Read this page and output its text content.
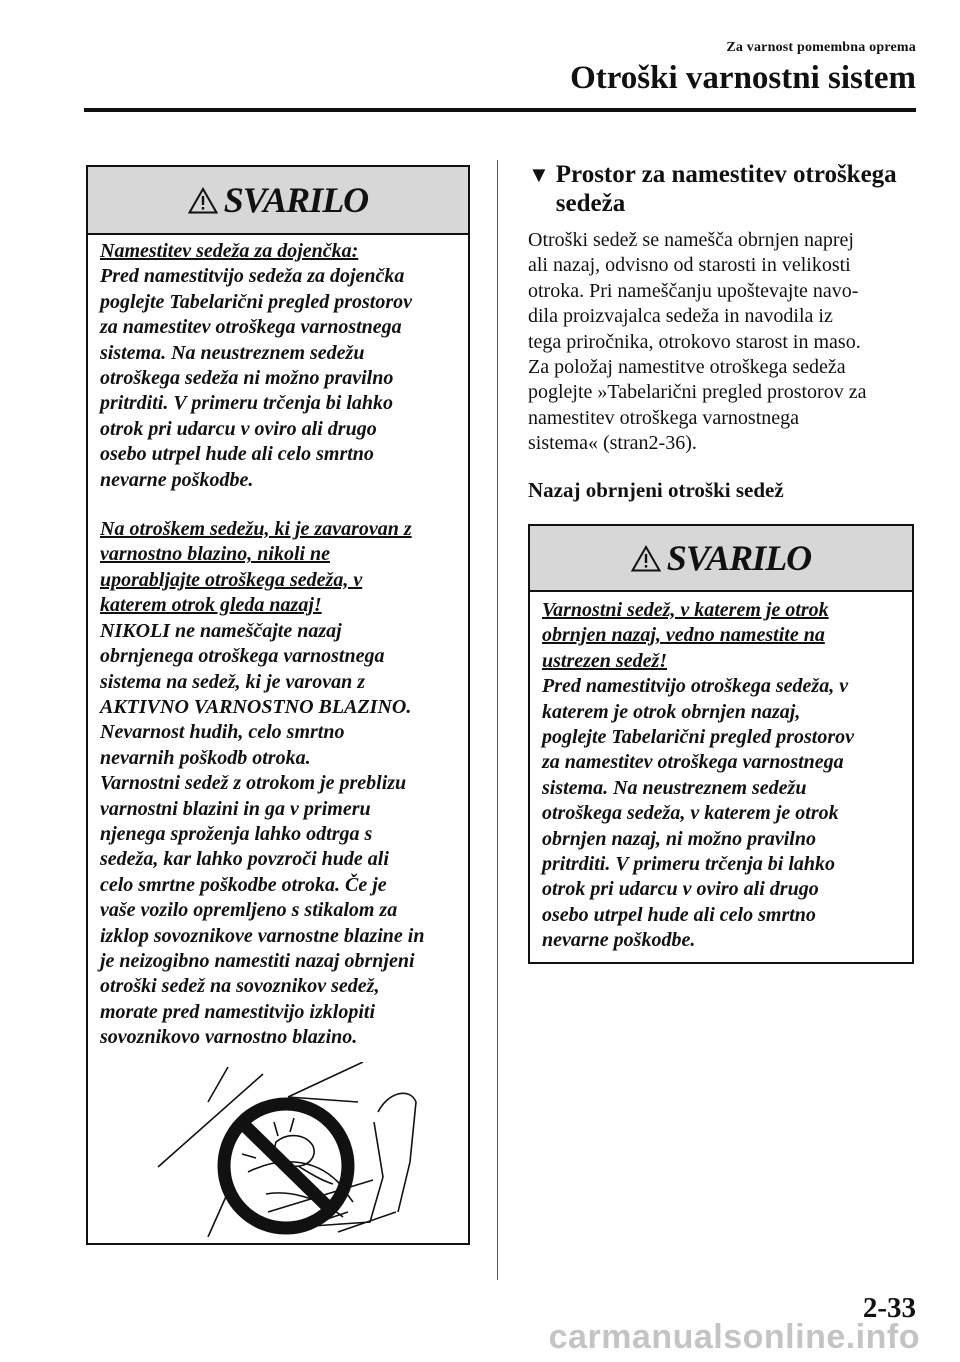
Za varnost pomembna oprema
Otroški varnostni sistem
SVARILO

Namestitev sedeža za dojenčka:

Pred namestitvijo sedeža za dojenčka

poglejte Tabelarični pregled prostorov

za namestitev otroškega varnostnega

sistema. Na neustreznem sedežu

otroškega sedeža ni možno pravilno

pritrditi. V primeru trčenja bi lahko

otrok pri udarcu v oviro ali drugo

osebo utrpel hude ali celo smrtno

nevarne poškodbe.

Na otroškem sedežu, ki je zavarovan z

varnostno blazino, nikoli ne

uporabljajte otroškega sedeža, v

katerem otrok gleda nazaj!

NIKOLI ne nameščajte nazaj

obrnjenega otroškega varnostnega

sistema na sedež, ki je varovan z

AKTIVNO VARNOSTNO BLAZINO.

Nevarnost hudih, celo smrtno

nevarnih poškodb otroka.

Varnostni sedež z otrokom je preblizu

varnostni blazini in ga v primeru

njenega sproženja lahko odtrga s

sedeža, kar lahko povzroči hude ali

celo smrtne poškodbe otroka. Če je

vaše vozilo opremljeno s stikalom za

izklop sovoznikove varnostne blazine in

je neizogibno namestiti nazaj obrnjeni

otroški sedež na sovoznikov sedež,

morate pred namestitvijo izklopiti

sovoznikovo varnostno blazino.

▼ Prostor za namestitev otroškega
sedeža

Otroški sedež se namešča obrnjen naprej

ali nazaj, odvisno od starosti in velikosti

otroka. Pri nameščanju upoštevajte navo-

dila proizvajalca sedeža in navodila iz

tega priročnika, otrokovo starost in maso.

Za položaj namestitve otroškega sedeža

poglejte »Tabelarični pregled prostorov za

namestitev otroškega varnostnega

sistema« (stran2-36).

Nazaj obrnjeni otroški sedež
SVARILO

Varnostni sedež, v katerem je otrok

obrnjen nazaj, vedno namestite na

ustrezen sedež!

Pred namestitvijo otroškega sedeža, v

katerem je otrok obrnjen nazaj,

poglejte Tabelarični pregled prostorov

za namestitev otroškega varnostnega

sistema. Na neustreznem sedežu

otroškega sedeža, v katerem je otrok

obrnjen nazaj, ni možno pravilno

pritrditi. V primeru trčenja bi lahko

otrok pri udarcu v oviro ali drugo

osebo utrpel hude ali celo smrtno

nevarne poškodbe.

2-33
carmanualsonline.info
